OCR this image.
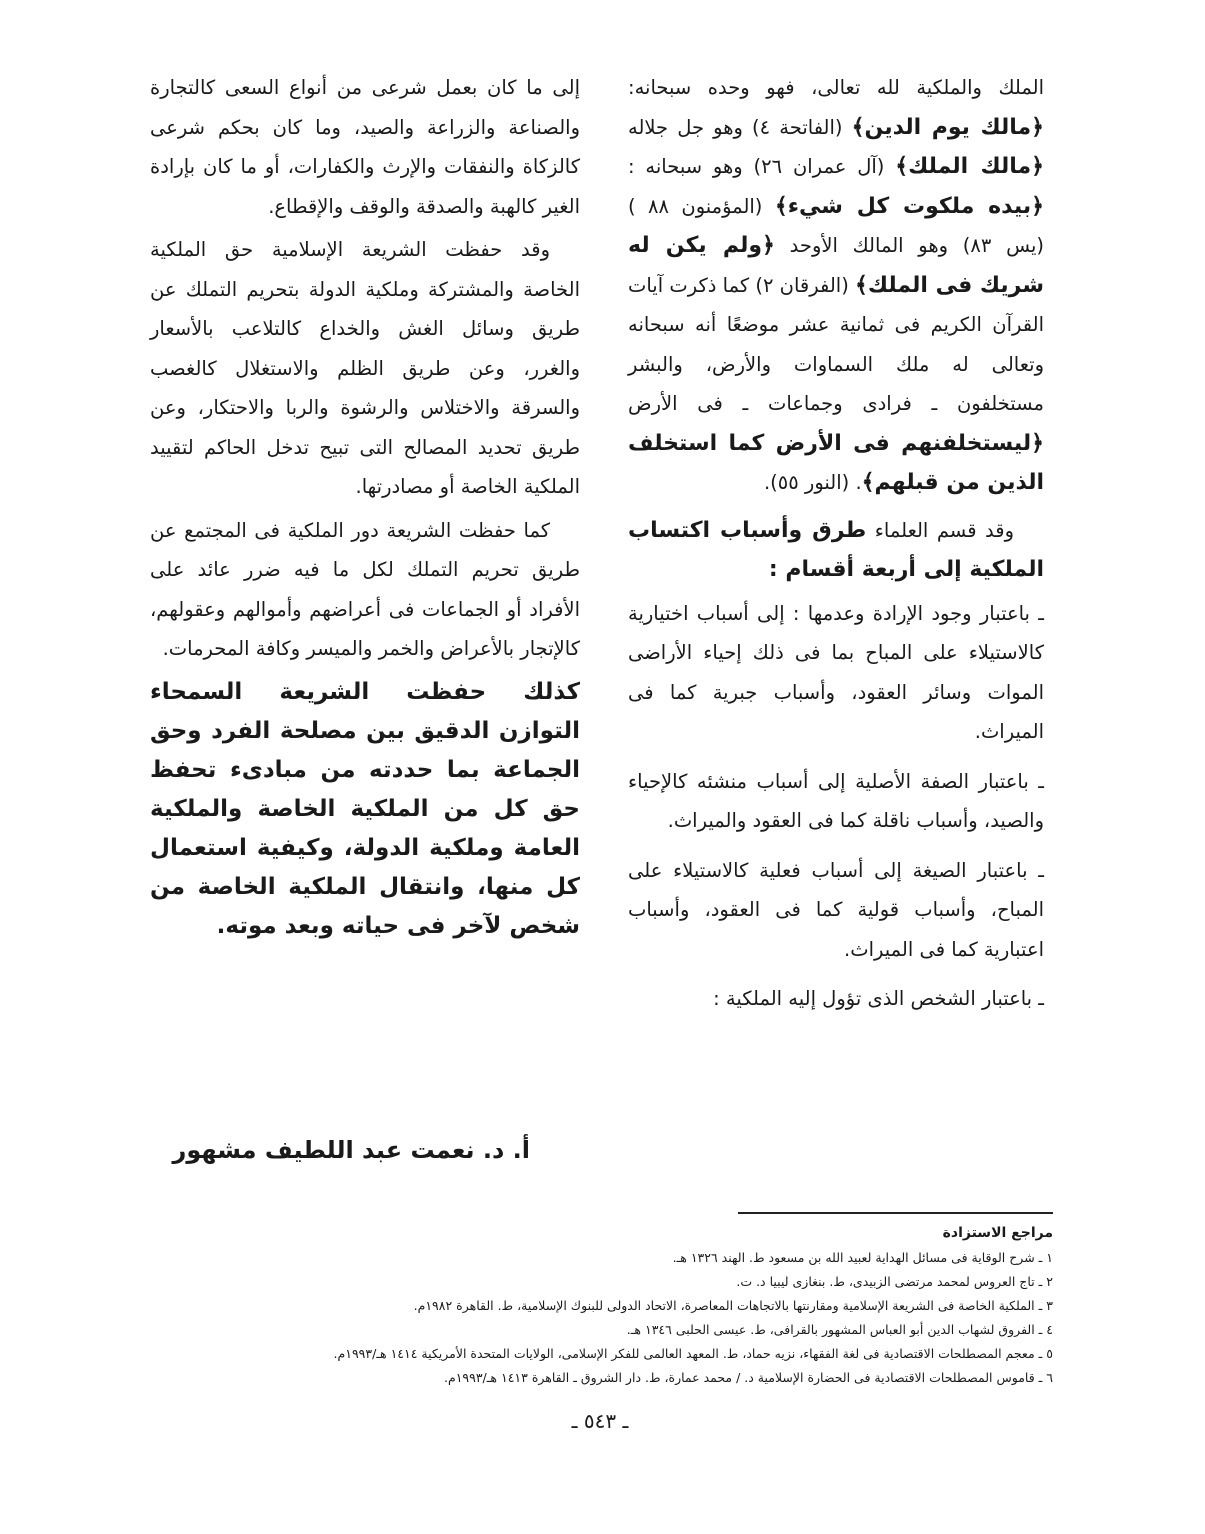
الملك والملكية لله تعالى، فهو وحده سبحانه: ﴿مالك يوم الدين﴾ (الفاتحة ٤) وهو جل جلاله ﴿مالك الملك﴾ (آل عمران ٢٦) وهو سبحانه : ﴿بيده ملكوت كل شيء﴾ (المؤمنون ٨٨ ) (يس ٨٣) وهو المالك الأوحد ﴿ولم يكن له شريك فى الملك﴾ (الفرقان ٢) كما ذكرت آيات القرآن الكريم فى ثمانية عشر موضعًا أنه سبحانه وتعالى له ملك السماوات والأرض، والبشر مستخلفون ـ فرادى وجماعات ـ فى الأرض ﴿ليستخلفنهم فى الأرض كما استخلف الذين من قبلهم﴾. (النور ٥٥).

وقد قسم العلماء طرق وأسباب اكتساب الملكية إلى أربعة أقسام :

ـ باعتبار وجود الإرادة وعدمها : إلى أسباب اختيارية كالاستيلاء على المباح بما فى ذلك إحياء الأراضى الموات وسائر العقود، وأسباب جبرية كما فى الميراث.

ـ باعتبار الصفة الأصلية إلى أسباب منشئه كالإحياء والصيد، وأسباب ناقلة كما فى العقود والميراث.

ـ باعتبار الصيغة إلى أسباب فعلية كالاستيلاء على المباح، وأسباب قولية كما فى العقود، وأسباب اعتبارية كما فى الميراث.

ـ باعتبار الشخص الذى تؤول إليه الملكية :

إلى ما كان بعمل شرعى من أنواع السعى كالتجارة والصناعة والزراعة والصيد، وما كان بحكم شرعى كالزكاة والنفقات والإرث والكفارات، أو ما كان بإرادة الغير كالهبة والصدقة والوقف والإقطاع.

وقد حفظت الشريعة الإسلامية حق الملكية الخاصة والمشتركة وملكية الدولة بتحريم التملك عن طريق وسائل الغش والخداع كالتلاعب بالأسعار والغرر، وعن طريق الظلم والاستغلال كالغصب والسرقة والاختلاس والرشوة والربا والاحتكار، وعن طريق تحديد المصالح التى تبيح تدخل الحاكم لتقييد الملكية الخاصة أو مصادرتها.

كما حفظت الشريعة دور الملكية فى المجتمع عن طريق تحريم التملك لكل ما فيه ضرر عائد على الأفراد أو الجماعات فى أعراضهم وأموالهم وعقولهم، كالإتجار بالأعراض والخمر والميسر وكافة المحرمات.

كذلك حفظت الشريعة السمحاء التوازن الدقيق بين مصلحة الفرد وحق الجماعة بما حددته من مبادىء تحفظ حق كل من الملكية الخاصة والملكية العامة وملكية الدولة، وكيفية استعمال كل منها، وانتقال الملكية الخاصة من شخص لآخر فى حياته وبعد موته.

أ. د. نعمت عبد اللطيف مشهور

مراجع الاستزادة

١ ـ شرح الوقاية فى مسائل الهداية لعبيد الله بن مسعود ط. الهند ١٣٢٦ هـ.

٢ ـ تاج العروس لمحمد مرتضى الزبيدى، ط. بنغازى ليبيا د. ت.

٣ ـ الملكية الخاصة فى الشريعة الإسلامية ومقارنتها بالاتجاهات المعاصرة، الاتحاد الدولى للبنوك الإسلامية، ط. القاهرة ١٩٨٢م.

٤ ـ الفروق لشهاب الدين أبو العباس المشهور بالقرافى، ط. عيسى الحلبى ١٣٤٦ هـ.

٥ ـ معجم المصطلحات الاقتصادية فى لغة الفقهاء، نزيه حماد، ط. المعهد العالمى للفكر الإسلامى، الولايات المتحدة الأمريكية ١٤١٤ هـ/١٩٩٣م.

٦ ـ قاموس المصطلحات الاقتصادية فى الحضارة الإسلامية د. / محمد عمارة، ط. دار الشروق ـ القاهرة ١٤١٣ هـ/١٩٩٣م.

ـ ٥٤٣ ـ
